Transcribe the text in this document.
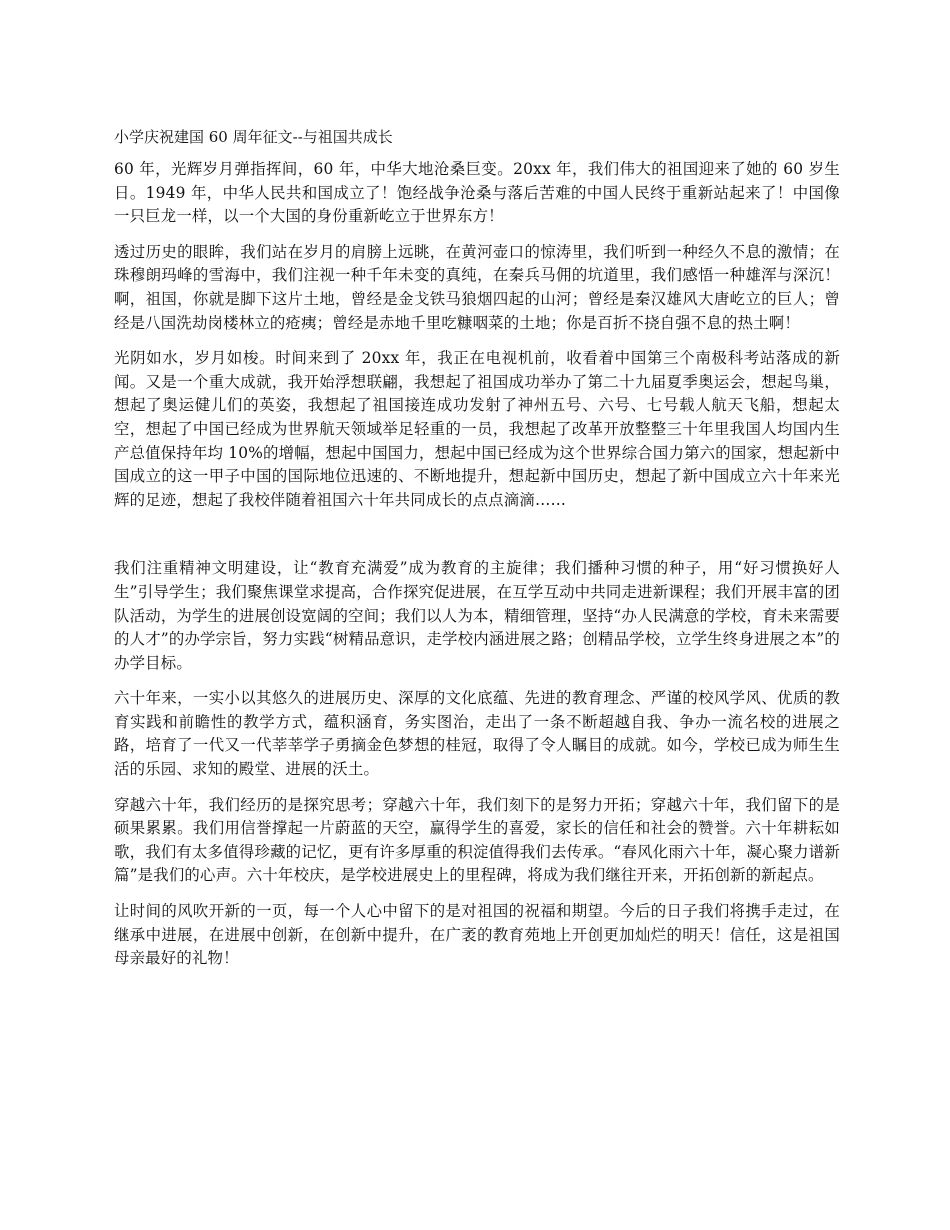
小学庆祝建国 60 周年征文--与祖国共成长

60 年，光辉岁月弹指挥间，60 年，中华大地沧桑巨变。20xx 年，我们伟大的祖国迎来了她的 60 岁生日。1949 年，中华人民共和国成立了！饱经战争沧桑与落后苦难的中国人民终于重新站起来了！中国像一只巨龙一样，以一个大国的身份重新屹立于世界东方！

透过历史的眼眸，我们站在岁月的肩膀上远眺，在黄河壶口的惊涛里，我们听到一种经久不息的激情；在珠穆朗玛峰的雪海中，我们注视一种千年未变的真纯，在秦兵马佣的坑道里，我们感悟一种雄浑与深沉！啊，祖国，你就是脚下这片土地，曾经是金戈铁马狼烟四起的山河；曾经是秦汉雄风大唐屹立的巨人；曾经是八国洗劫岗楼林立的疮痍；曾经是赤地千里吃糠咽菜的土地；你是百折不挠自强不息的热土啊！

光阴如水，岁月如梭。时间来到了 20xx 年，我正在电视机前，收看着中国第三个南极科考站落成的新闻。又是一个重大成就，我开始浮想联翩，我想起了祖国成功举办了第二十九届夏季奥运会，想起鸟巢，想起了奥运健儿们的英姿，我想起了祖国接连成功发射了神州五号、六号、七号载人航天飞船，想起太空，想起了中国已经成为世界航天领域举足轻重的一员，我想起了改革开放整整三十年里我国人均国内生产总值保持年均 10%的增幅，想起中国国力，想起中国已经成为这个世界综合国力第六的国家，想起新中国成立的这一甲子中国的国际地位迅速的、不断地提升，想起新中国历史，想起了新中国成立六十年来光辉的足迹，想起了我校伴随着祖国六十年共同成长的点点滴滴……

我们注重精神文明建设，让“教育充满爱”成为教育的主旋律；我们播种习惯的种子，用“好习惯换好人生”引导学生；我们聚焦课堂求提高，合作探究促进展，在互学互动中共同走进新课程；我们开展丰富的团队活动，为学生的进展创设宽阔的空间；我们以人为本，精细管理，坚持“办人民满意的学校，育未来需要的人才”的办学宗旨，努力实践“树精品意识，走学校内涵进展之路；创精品学校，立学生终身进展之本”的办学目标。

六十年来，一实小以其悠久的进展历史、深厚的文化底蕴、先进的教育理念、严谨的校风学风、优质的教育实践和前瞻性的教学方式，蕴积涵育，务实图治，走出了一条不断超越自我、争办一流名校的进展之路，培育了一代又一代莘莘学子勇摘金色梦想的桂冠，取得了令人瞩目的成就。如今，学校已成为师生生活的乐园、求知的殿堂、进展的沃土。

穿越六十年，我们经历的是探究思考；穿越六十年，我们刻下的是努力开拓；穿越六十年，我们留下的是硕果累累。我们用信誉撑起一片蔚蓝的天空，赢得学生的喜爱，家长的信任和社会的赞誉。六十年耕耘如歌，我们有太多值得珍藏的记忆，更有许多厚重的积淀值得我们去传承。“春风化雨六十年，凝心聚力谱新篇”是我们的心声。六十年校庆，是学校进展史上的里程碑，将成为我们继往开来，开拓创新的新起点。

让时间的风吹开新的一页，每一个人心中留下的是对祖国的祝福和期望。今后的日子我们将携手走过，在继承中进展，在进展中创新，在创新中提升，在广袤的教育苑地上开创更加灿烂的明天！信任，这是祖国母亲最好的礼物！
